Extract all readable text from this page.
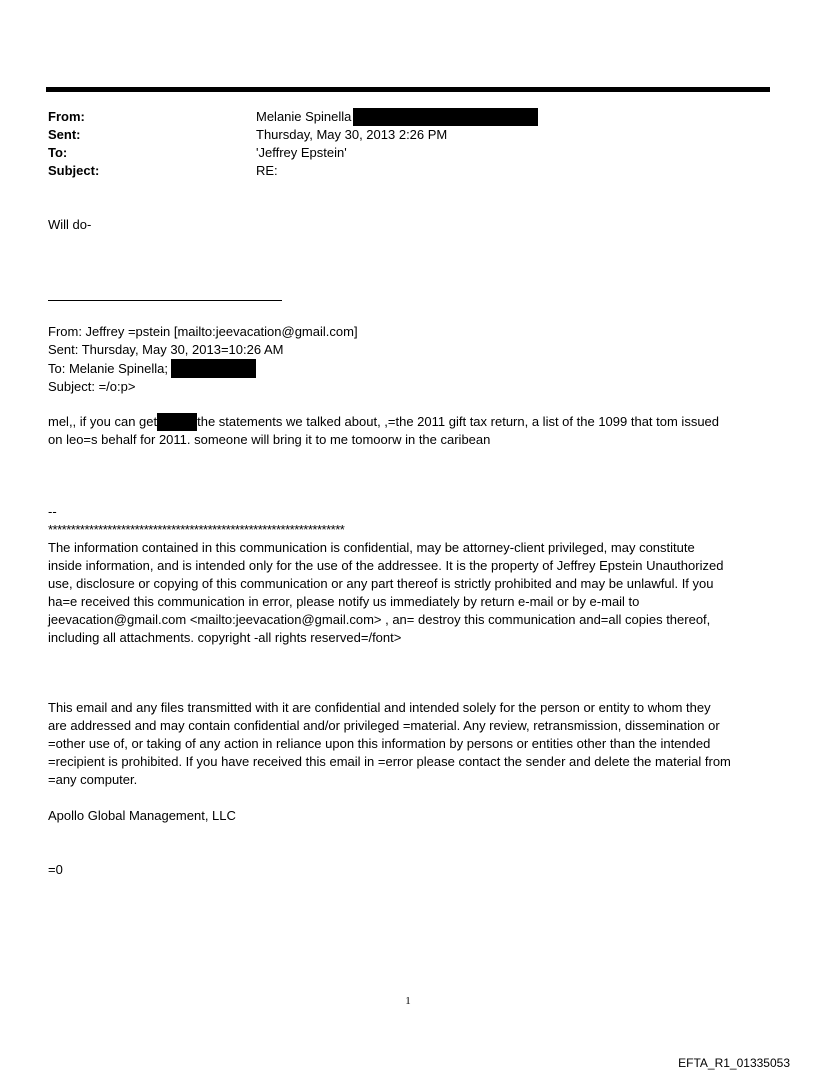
From:	Melanie Spinella
Sent:	Thursday, May 30, 2013 2:26 PM
To:	'Jeffrey Epstein'
Subject:	RE:
Will do-
From: Jeffrey =pstein [mailto:jeevacation@gmail.com]
Sent: Thursday, May 30, 2013=10:26 AM
To: Melanie Spinella;
Subject: =/o:p>
mel,, if you can get	the statements we talked about, ,=the 2011 gift tax return, a list of the 1099 that tom issued
on leo=s behalf for 2011. someone will bring it to me tomoorw in the caribean
--
*****************************************************************
The information contained in this communication is confidential, may be attorney-client privileged, may constitute
inside information, and is intended only for the use of the addressee. It is the property of Jeffrey Epstein Unauthorized
use, disclosure or copying of this communication or any part thereof is strictly prohibited and may be unlawful. If you
ha=e received this communication in error, please notify us immediately by return e-mail or by e-mail to
jeevacation@gmail.com <mailto:jeevacation@gmail.com> , an= destroy this communication and=all copies thereof,
including all attachments. copyright -all rights reserved=/font>
This email and any files transmitted with it are confidential and intended solely for the person or entity to whom they
are addressed and may contain confidential and/or privileged =material. Any review, retransmission, dissemination or
=other use of, or taking of any action in reliance upon this information by persons or entities other than the intended
=recipient is prohibited. If you have received this email in =error please contact the sender and delete the material from
=any computer.
Apollo Global Management, LLC
=0
1
EFTA_R1_01335053
